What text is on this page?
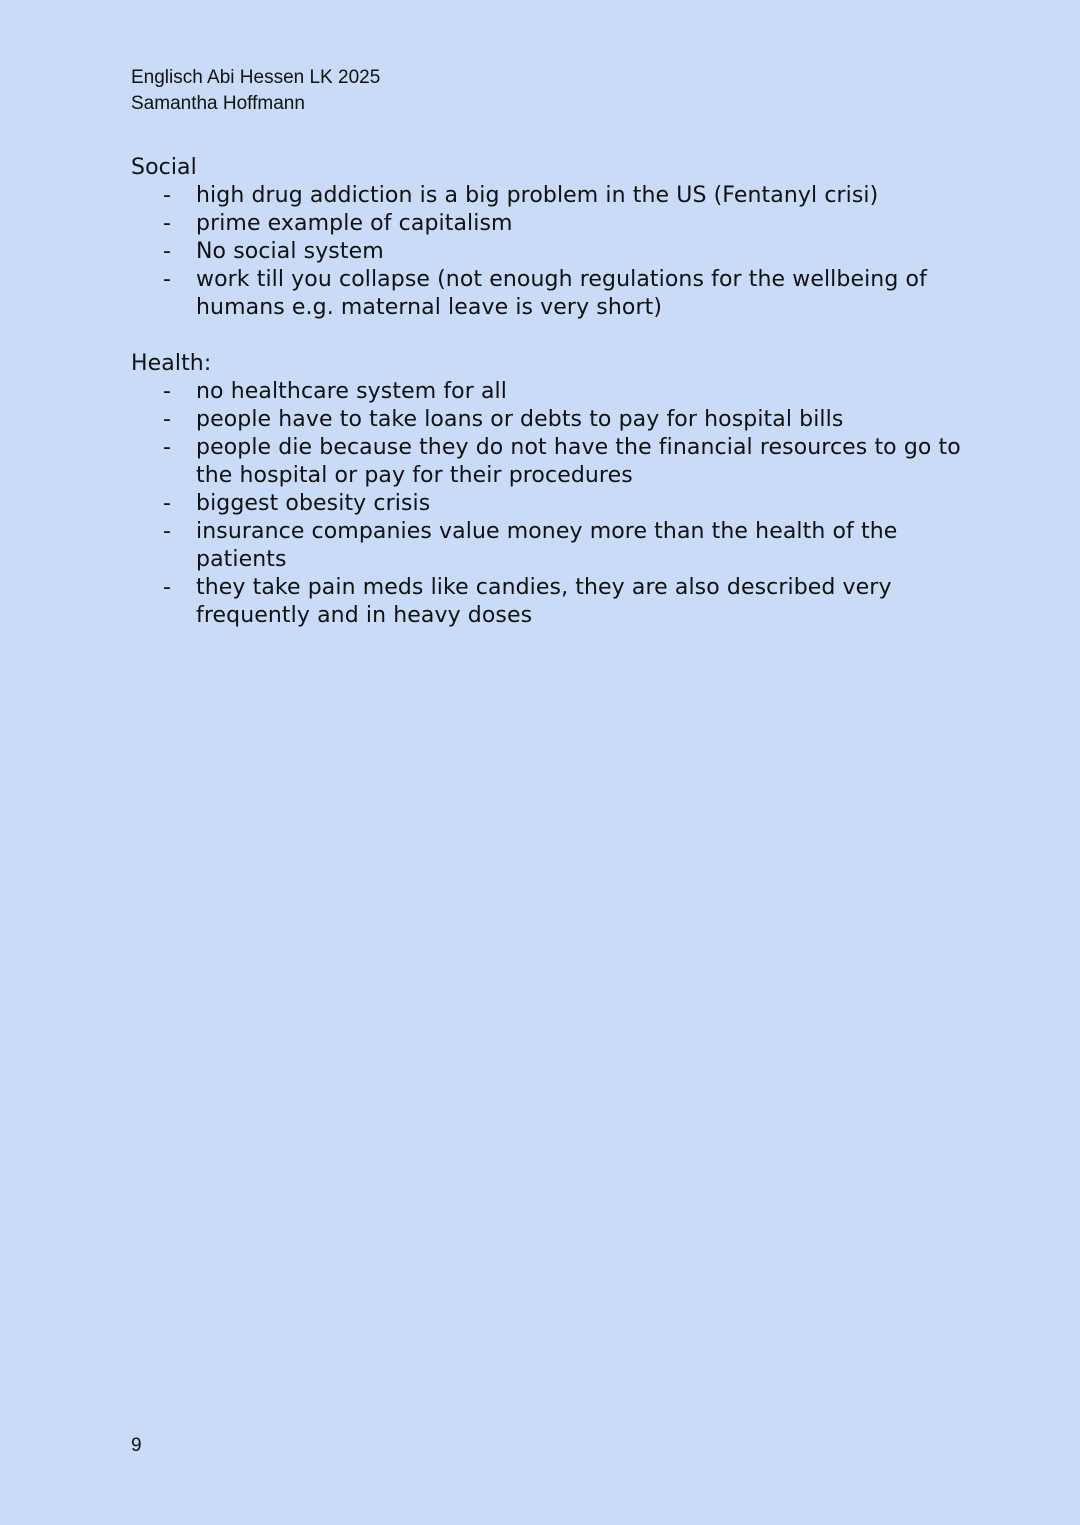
Englisch Abi Hessen LK 2025
Samantha Hoffmann
Social
- high drug addiction is a big problem in the US (Fentanyl crisi)
- prime example of capitalism
- No social system
- work till you collapse (not enough regulations for the wellbeing of humans e.g. maternal leave is very short)
Health:
- no healthcare system for all
- people have to take loans or debts to pay for hospital bills
- people die because they do not have the financial resources to go to the hospital or pay for their procedures
- biggest obesity crisis
- insurance companies value money more than the health of the patients
- they take pain meds like candies, they are also described very frequently and in heavy doses
9
